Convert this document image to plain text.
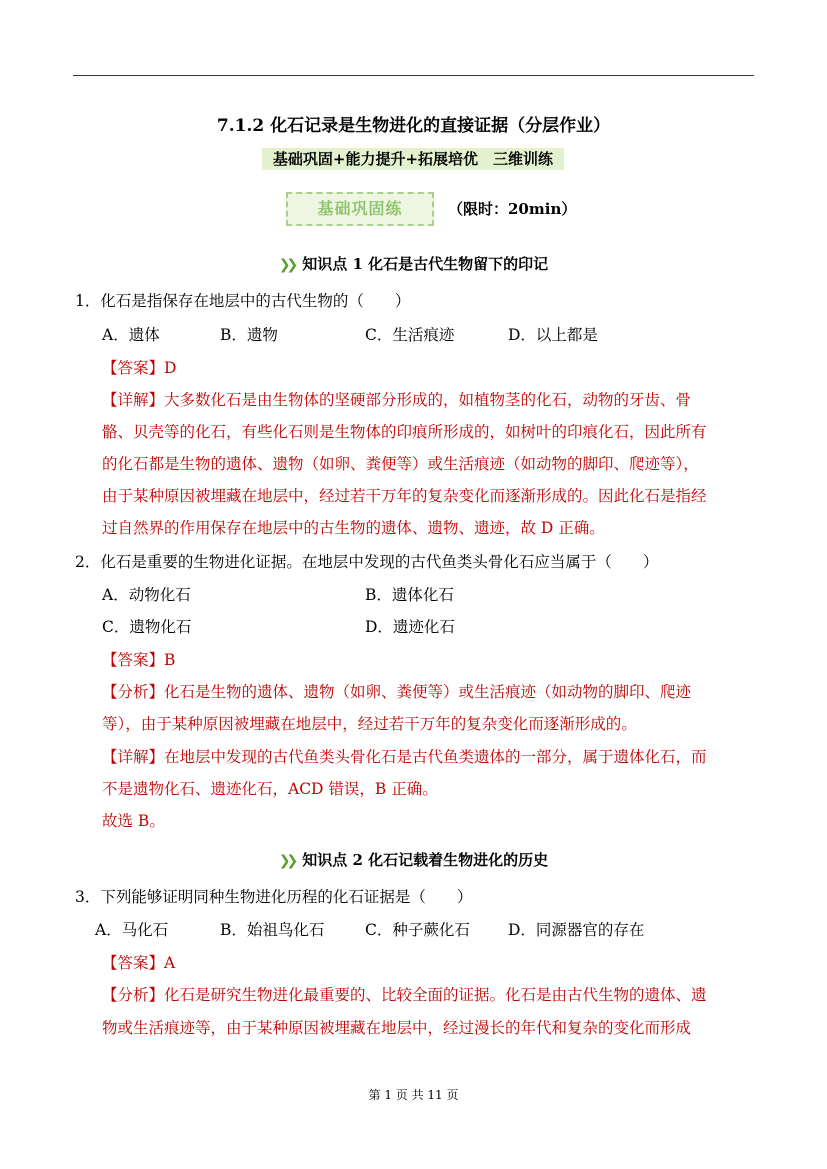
7.1.2 化石记录是生物进化的直接证据（分层作业）
基础巩固+能力提升+拓展培优　三维训练
基础巩固练	（限时：20min）
❯❯ 知识点 1 化石是古代生物留下的印记
1．化石是指保存在地层中的古代生物的（　　）
A．遗体	B．遗物	C．生活痕迹	D．以上都是
【答案】D
【详解】大多数化石是由生物体的坚硬部分形成的，如植物茎的化石，动物的牙齿、骨
骼、贝壳等的化石，有些化石则是生物体的印痕所形成的，如树叶的印痕化石，因此所有
的化石都是生物的遗体、遗物（如卵、粪便等）或生活痕迹（如动物的脚印、爬迹等），
由于某种原因被埋藏在地层中，经过若干万年的复杂变化而逐渐形成的。因此化石是指经
过自然界的作用保存在地层中的古生物的遗体、遗物、遗迹，故 D 正确。
2．化石是重要的生物进化证据。在地层中发现的古代鱼类头骨化石应当属于（　　）
A．动物化石	B．遗体化石
C．遗物化石	D．遗迹化石
【答案】B
【分析】化石是生物的遗体、遗物（如卵、粪便等）或生活痕迹（如动物的脚印、爬迹
等），由于某种原因被埋藏在地层中，经过若干万年的复杂变化而逐渐形成的。
【详解】在地层中发现的古代鱼类头骨化石是古代鱼类遗体的一部分，属于遗体化石，而
不是遗物化石、遗迹化石，ACD 错误，B 正确。
故选 B。
❯❯ 知识点 2 化石记载着生物进化的历史
3．下列能够证明同种生物进化历程的化石证据是（　　）
A．马化石	B．始祖鸟化石	C．种子蕨化石 D．同源器官的存在
【答案】A
【分析】化石是研究生物进化最重要的、比较全面的证据。化石是由古代生物的遗体、遗
物或生活痕迹等，由于某种原因被埋藏在地层中，经过漫长的年代和复杂的变化而形成
第 1 页 共 11 页
